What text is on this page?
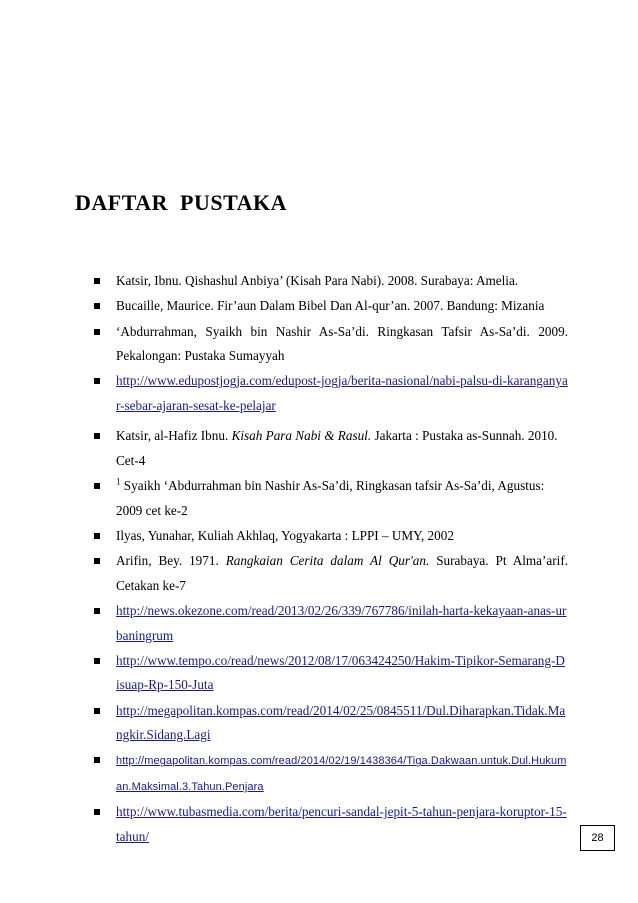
DAFTAR PUSTAKA
Katsir, Ibnu. Qishashul Anbiya’ (Kisah Para Nabi). 2008. Surabaya: Amelia.
Bucaille, Maurice. Fir’aun Dalam Bibel Dan Al-qur’an. 2007. Bandung: Mizania
‘Abdurrahman, Syaikh bin Nashir As-Sa’di. Ringkasan Tafsir As-Sa’di. 2009. Pekalongan: Pustaka Sumayyah
http://www.edupostjogja.com/edupost-jogja/berita-nasional/nabi-palsu-di-karanganyar-sebar-ajaran-sesat-ke-pelajar
Katsir, al-Hafiz Ibnu. Kisah Para Nabi & Rasul. Jakarta : Pustaka as-Sunnah. 2010. Cet-4
$^1$ Syaikh ‘Abdurrahman bin Nashir As-Sa’di, Ringkasan tafsir As-Sa’di, Agustus: 2009 cet ke-2
Ilyas, Yunahar, Kuliah Akhlaq, Yogyakarta : LPPI – UMY, 2002
Arifin, Bey. 1971. Rangkaian Cerita dalam Al Qur'an. Surabaya. Pt Alma’arif. Cetakan ke-7
http://news.okezone.com/read/2013/02/26/339/767786/inilah-harta-kekayaan-anas-urbaningrum
http://www.tempo.co/read/news/2012/08/17/063424250/Hakim-Tipikor-Semarang-Disuap-Rp-150-Juta
http://megapolitan.kompas.com/read/2014/02/25/0845511/Dul.Diharapkan.Tidak.Mangkir.Sidang.Lagi
http://megapolitan.kompas.com/read/2014/02/19/1438364/Tiga.Dakwaan.untuk.Dul.Hukuman.Maksimal.3.Tahun.Penjara
http://www.tubasmedia.com/berita/pencuri-sandal-jepit-5-tahun-penjara-koruptor-15-tahun/	28
